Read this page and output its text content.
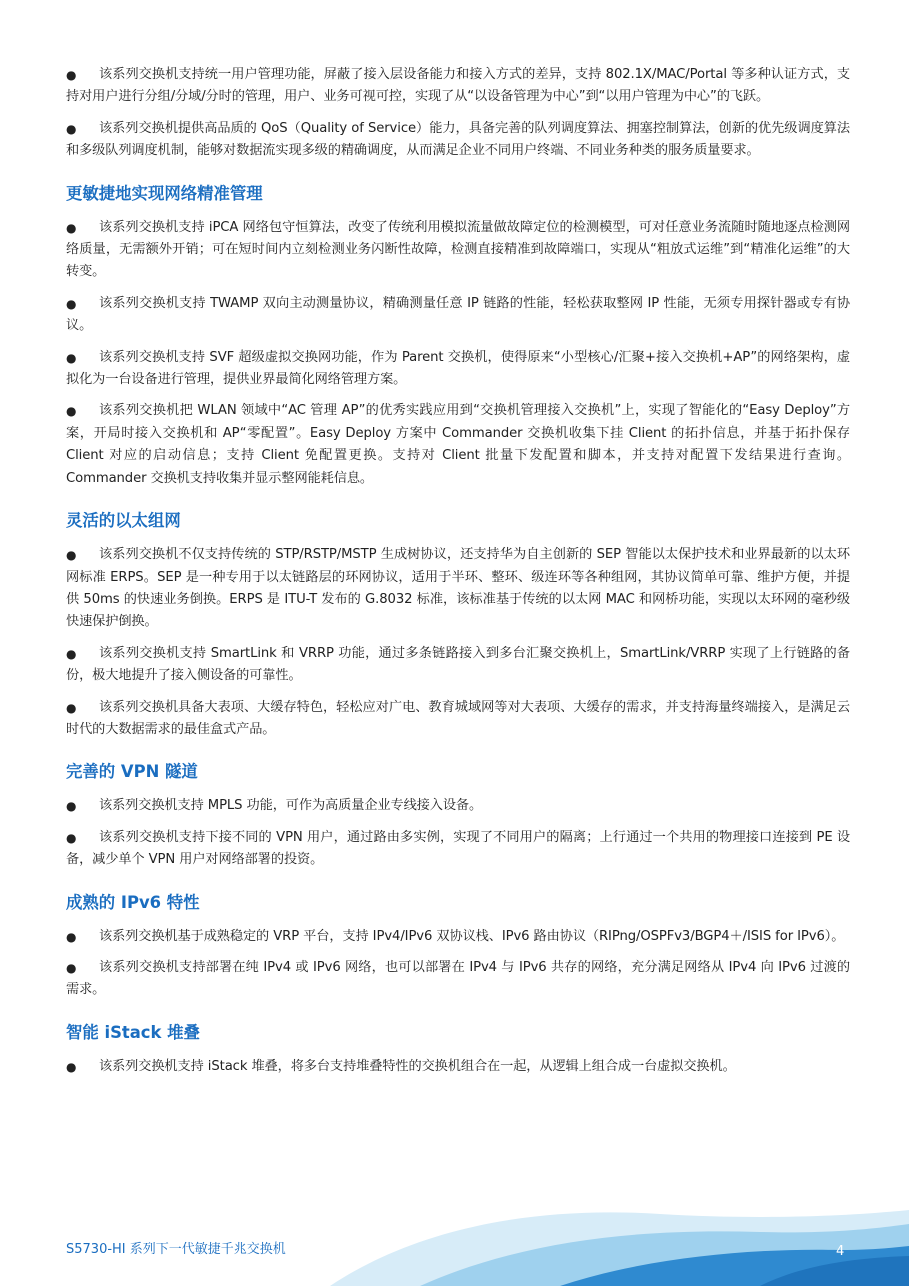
● 该系列交换机支持统一用户管理功能，屏蔽了接入层设备能力和接入方式的差异，支持 802.1X/MAC/Portal 等多种认证方式，支持对用户进行分组/分域/分时的管理，用户、业务可视可控，实现了从“以设备管理为中心”到“以用户管理为中心”的飞跃。

● 该系列交换机提供高品质的 QoS（Quality of Service）能力，具备完善的队列调度算法、拥塞控制算法，创新的优先级调度算法和多级队列调度机制，能够对数据流实现多级的精确调度，从而满足企业不同用户终端、不同业务种类的服务质量要求。

更敏捷地实现网络精准管理

● 该系列交换机支持 iPCA 网络包守恒算法，改变了传统利用模拟流量做故障定位的检测模型，可对任意业务流随时随地逐点检测网络质量，无需额外开销；可在短时间内立刻检测业务闪断性故障，检测直接精准到故障端口，实现从“粗放式运维”到“精准化运维”的大转变。

● 该系列交换机支持 TWAMP 双向主动测量协议，精确测量任意 IP 链路的性能，轻松获取整网 IP 性能，无须专用探针器或专有协议。

● 该系列交换机支持 SVF 超级虚拟交换网功能，作为 Parent 交换机，使得原来“小型核心/汇聚+接入交换机+AP”的网络架构，虚拟化为一台设备进行管理，提供业界最简化网络管理方案。

● 该系列交换机把 WLAN 领域中“AC 管理 AP”的优秀实践应用到“交换机管理接入交换机”上，实现了智能化的“Easy Deploy”方案，开局时接入交换机和 AP“零配置”。Easy Deploy 方案中 Commander 交换机收集下挂 Client 的拓扑信息，并基于拓扑保存 Client 对应的启动信息；支持 Client 免配置更换。支持对 Client 批量下发配置和脚本，并支持对配置下发结果进行查询。Commander 交换机支持收集并显示整网能耗信息。

灵活的以太组网

● 该系列交换机不仅支持传统的 STP/RSTP/MSTP 生成树协议，还支持华为自主创新的 SEP 智能以太保护技术和业界最新的以太环网标准 ERPS。SEP 是一种专用于以太链路层的环网协议，适用于半环、整环、级连环等各种组网，其协议简单可靠、维护方便，并提供 50ms 的快速业务倒换。ERPS 是 ITU-T 发布的 G.8032 标准，该标准基于传统的以太网 MAC 和网桥功能，实现以太环网的毫秒级快速保护倒换。

● 该系列交换机支持 SmartLink 和 VRRP 功能，通过多条链路接入到多台汇聚交换机上，SmartLink/VRRP 实现了上行链路的备份，极大地提升了接入侧设备的可靠性。

● 该系列交换机具备大表项、大缓存特色，轻松应对广电、教育城域网等对大表项、大缓存的需求，并支持海量终端接入，是满足云时代的大数据需求的最佳盒式产品。

完善的 VPN 隧道

● 该系列交换机支持 MPLS 功能，可作为高质量企业专线接入设备。

● 该系列交换机支持下接不同的 VPN 用户，通过路由多实例，实现了不同用户的隔离；上行通过一个共用的物理接口连接到 PE 设备，减少单个 VPN 用户对网络部署的投资。

成熟的 IPv6 特性

● 该系列交换机基于成熟稳定的 VRP 平台，支持 IPv4/IPv6 双协议栈、IPv6 路由协议（RIPng/OSPFv3/BGP4＋/ISIS for IPv6）。

● 该系列交换机支持部署在纯 IPv4 或 IPv6 网络，也可以部署在 IPv4 与 IPv6 共存的网络，充分满足网络从 IPv4 向 IPv6 过渡的需求。

智能 iStack 堆叠

● 该系列交换机支持 iStack 堆叠，将多台支持堆叠特性的交换机组合在一起，从逻辑上组合成一台虚拟交换机。

S5730-HI 系列下一代敏捷千兆交换机	4
